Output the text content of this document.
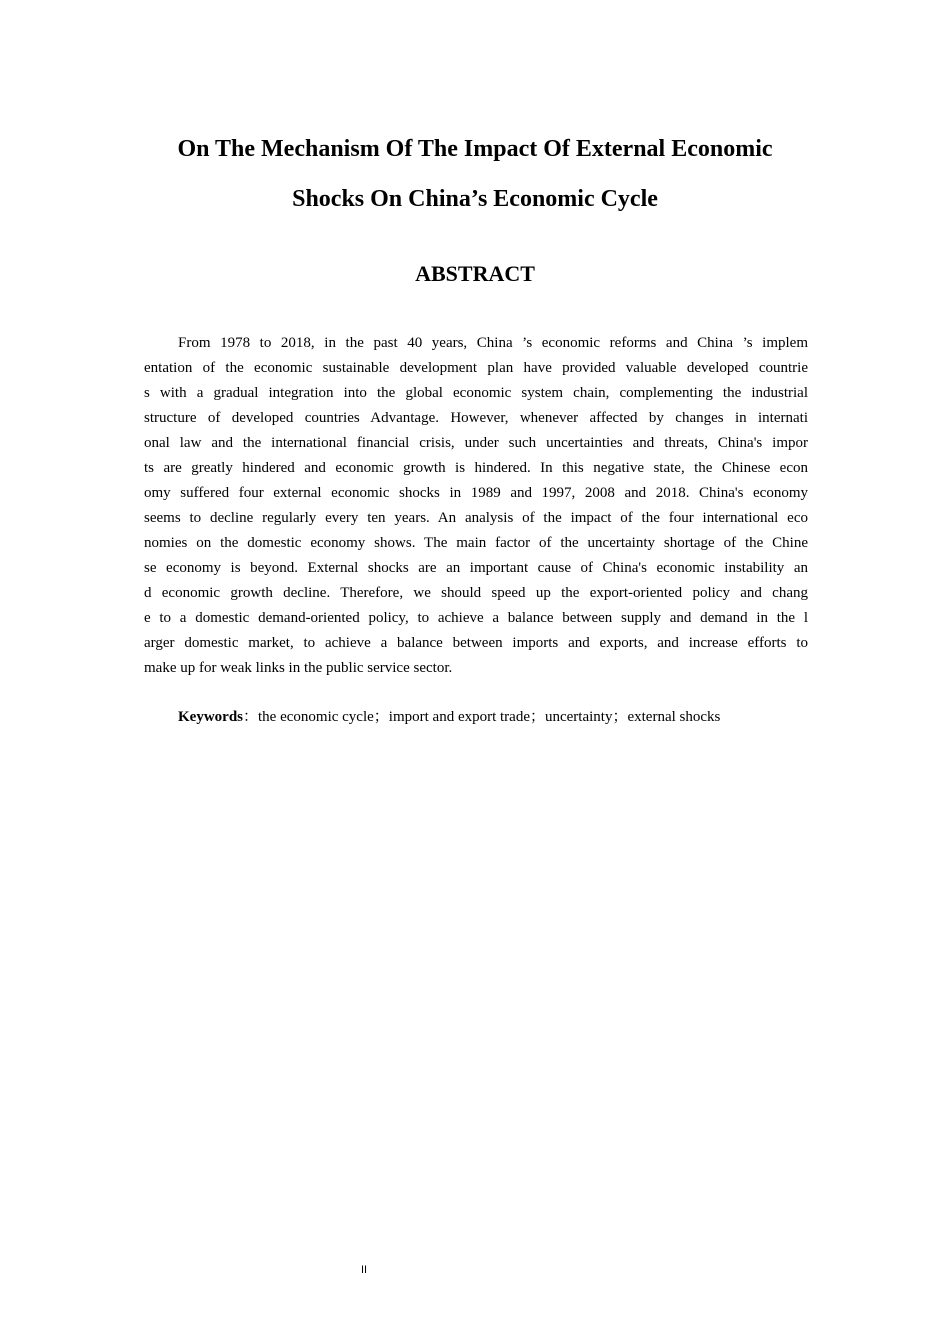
On The Mechanism Of The Impact Of External Economic
Shocks On China’s Economic Cycle
ABSTRACT
From 1978 to 2018, in the past 40 years, China ’s economic reforms and China ’s implem
entation of the economic sustainable development plan have provided valuable developed countrie
s with a gradual integration into the global economic system chain, complementing the industrial
structure of developed countries Advantage. However, whenever affected by changes in internati
onal law and the international financial crisis, under such uncertainties and threats, China's impor
ts are greatly hindered and economic growth is hindered. In this negative state, the Chinese econ
omy suffered four external economic shocks in 1989 and 1997, 2008 and 2018. China's economy
seems to decline regularly every ten years. An analysis of the impact of the four international eco
nomies on the domestic economy shows. The main factor of the uncertainty shortage of the Chine
se economy is beyond. External shocks are an important cause of China's economic instability an
d economic growth decline. Therefore, we should speed up the export-oriented policy and chang
e to a domestic demand-oriented policy, to achieve a balance between supply and demand in the l
arger domestic market, to achieve a balance between imports and exports, and increase efforts to
make up for weak links in the public service sector.
Keywords：the economic cycle；import and export trade；uncertainty；external shocks
II
